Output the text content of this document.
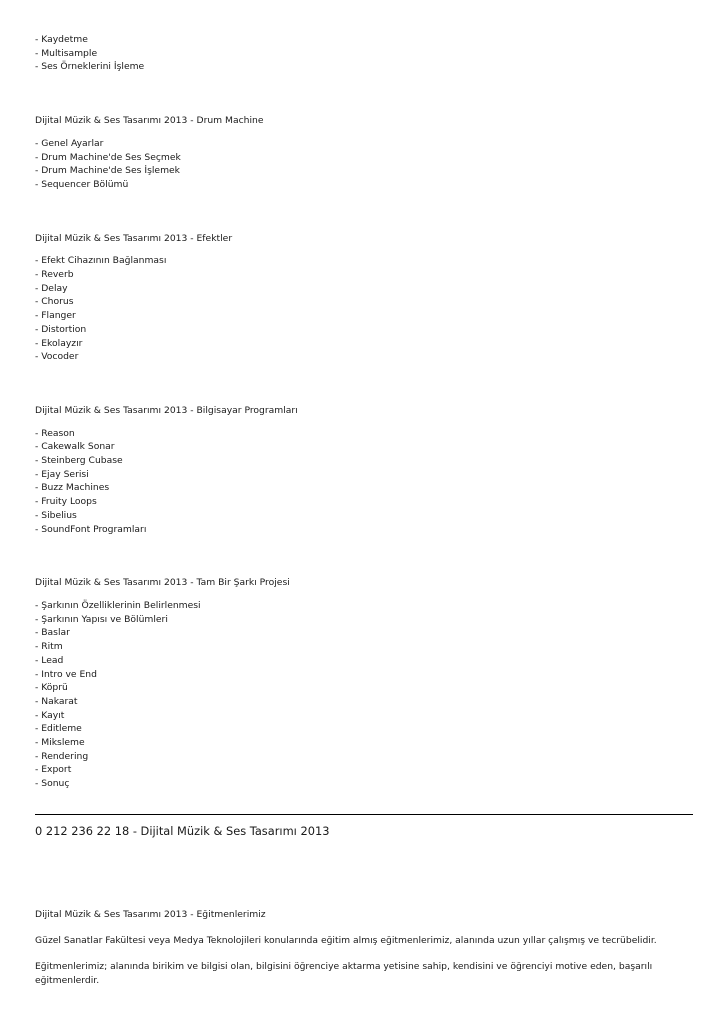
- Kaydetme
- Multisample
- Ses Örneklerini İşleme
Dijital Müzik & Ses Tasarımı 2013 - Drum Machine
- Genel Ayarlar
- Drum Machine'de Ses Seçmek
- Drum Machine'de Ses İşlemek
- Sequencer Bölümü
Dijital Müzik & Ses Tasarımı 2013 - Efektler
- Efekt Cihazının Bağlanması
- Reverb
- Delay
- Chorus
- Flanger
- Distortion
- Ekolayzır
- Vocoder
Dijital Müzik & Ses Tasarımı 2013 - Bilgisayar Programları
- Reason
- Cakewalk Sonar
- Steinberg Cubase
- Ejay Serisi
- Buzz Machines
- Fruity Loops
- Sibelius
- SoundFont Programları
Dijital Müzik & Ses Tasarımı 2013 - Tam Bir Şarkı Projesi
- Şarkının Özelliklerinin Belirlenmesi
- Şarkının Yapısı ve Bölümleri
- Baslar
- Ritm
- Lead
- Intro ve End
- Köprü
- Nakarat
- Kayıt
- Editleme
- Miksleme
- Rendering
- Export
- Sonuç
0 212 236 22 18 - Dijital Müzik & Ses Tasarımı 2013
Dijital Müzik & Ses Tasarımı 2013 - Eğitmenlerimiz

Güzel Sanatlar Fakültesi veya Medya Teknolojileri konularında eğitim almış eğitmenlerimiz, alanında uzun yıllar çalışmış ve tecrübelidir.

Eğitmenlerimiz; alanında birikim ve bilgisi olan, bilgisini öğrenciye aktarma yetisine sahip, kendisini ve öğrenciyi motive eden, başarılı eğitmenlerdir.
